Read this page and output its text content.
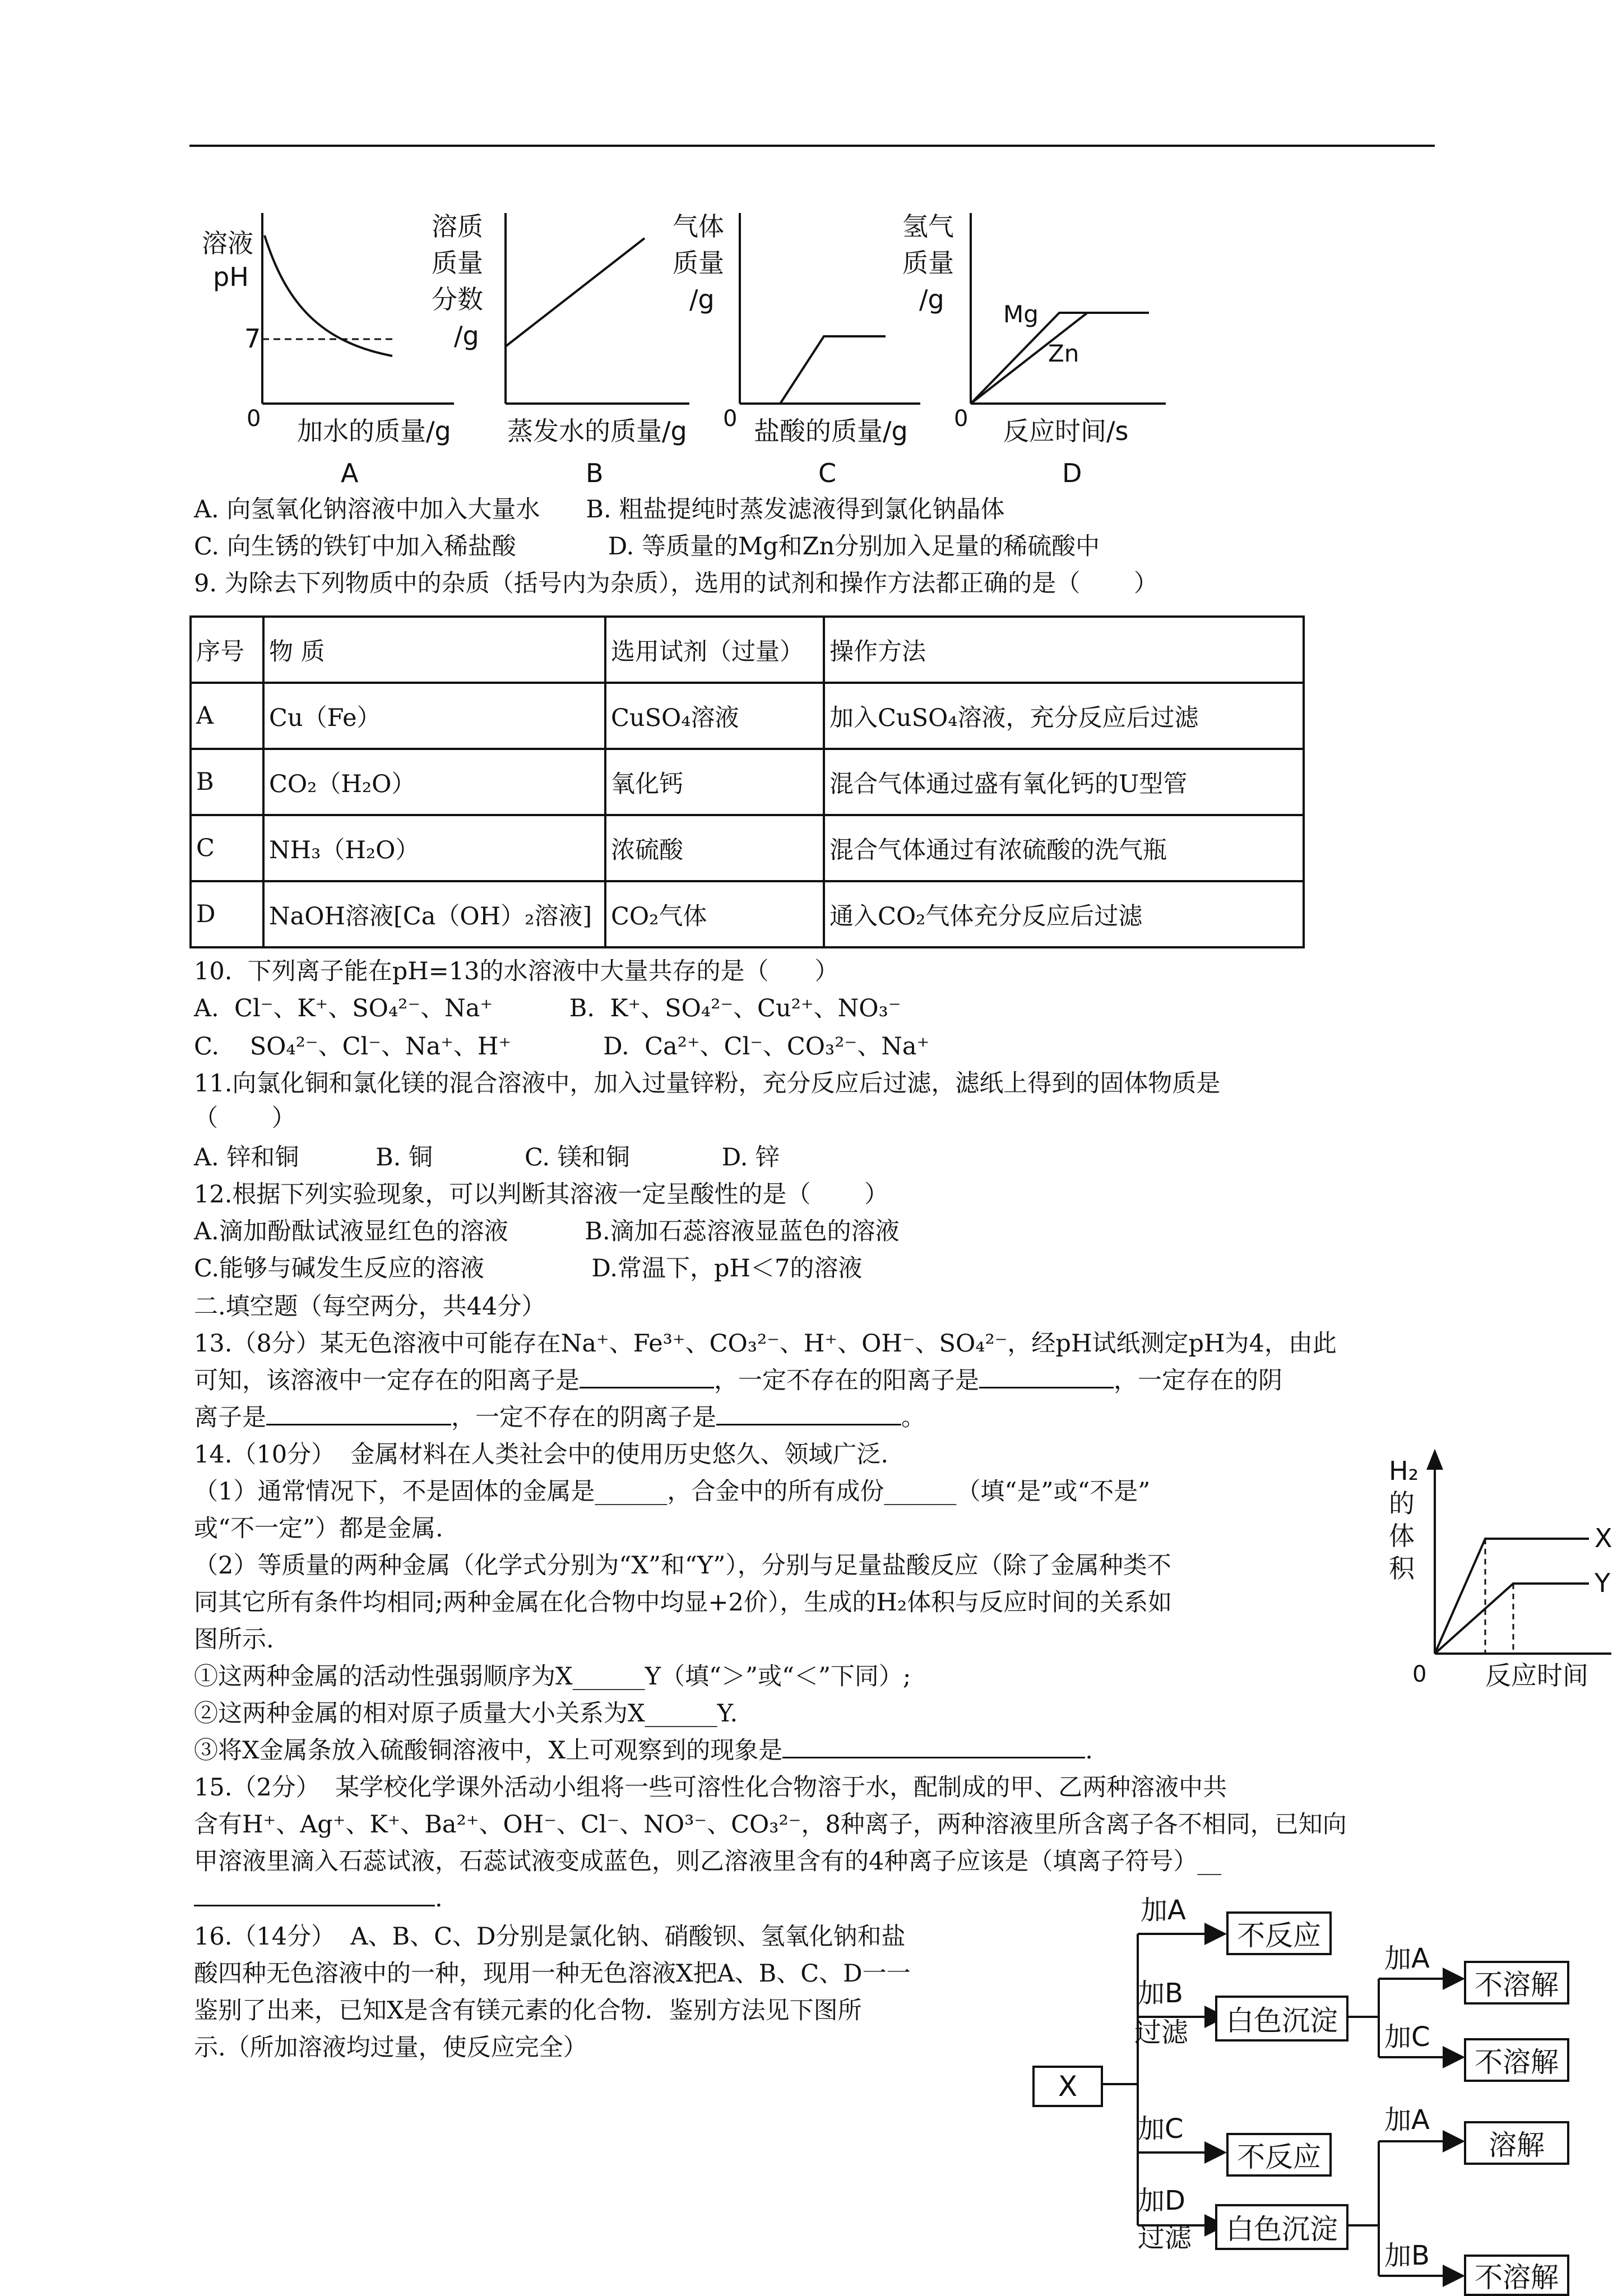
溶液
pH
7
0 加水的质量/g
A
溶质
质量
分数
/g
蒸发水的质量/g
B
气体
质量
/g
0 盐酸的质量/g
C
氢气
质量
/g
0
Mg
Zn
反应时间/s
D
A. 向氢氧化钠溶液中加入大量水      B. 粗盐提纯时蒸发滤液得到氯化钠晶体
C. 向生锈的铁钉中加入稀盐酸            D. 等质量的Mg和Zn分别加入足量的稀硫酸中
9. 为除去下列物质中的杂质（括号内为杂质），选用的试剂和操作方法都正确的是（       ）
序号	物 质	选用试剂（过量）	操作方法
A	Cu（Fe）	CuSO₄溶液	加入CuSO₄溶液，充分反应后过滤
B	CO₂（H₂O）	氧化钙	混合气体通过盛有氧化钙的U型管
C	NH₃（H₂O）	浓硫酸	混合气体通过有浓硫酸的洗气瓶
D	NaOH溶液[Ca（OH）₂溶液]	CO₂气体	通入CO₂气体充分反应后过滤
10.  下列离子能在pH=13的水溶液中大量共存的是（      ）
A.  Cl⁻、K⁺、SO₄²⁻、Na⁺          B.  K⁺、SO₄²⁻、Cu²⁺、NO₃⁻
C.    SO₄²⁻、Cl⁻、Na⁺、H⁺            D.  Ca²⁺、Cl⁻、CO₃²⁻、Na⁺
11.向氯化铜和氯化镁的混合溶液中，加入过量锌粉，充分反应后过滤，滤纸上得到的固体物质是
（       ）
A. 锌和铜          B. 铜            C. 镁和铜            D. 锌
12.根据下列实验现象，可以判断其溶液一定呈酸性的是（       ）
A.滴加酚酞试液显红色的溶液          B.滴加石蕊溶液显蓝色的溶液
C.能够与碱发生反应的溶液              D.常温下，pH＜7的溶液
二.填空题（每空两分，共44分）
13.（8分）某无色溶液中可能存在Na⁺、Fe³⁺、CO₃²⁻、H⁺、OH⁻、SO₄²⁻，经pH试纸测定pH为4，由此
可知，该溶液中一定存在的阳离子是	，一定不存在的阳离子是	，一定存在的阴
离子是	，一定不存在的阴离子是	。
14.（10分）  金属材料在人类社会中的使用历史悠久、领域广泛.
（1）通常情况下，不是固体的金属是______，合金中的所有成份______（填“是”或“不是”
或“不一定”）都是金属.
（2）等质量的两种金属（化学式分别为“X”和“Y”），分别与足量盐酸反应（除了金属种类不
同其它所有条件均相同;两种金属在化合物中均显+2价），生成的H₂体积与反应时间的关系如
图所示.
①这两种金属的活动性强弱顺序为X______Y（填“＞”或“＜”下同）;
②这两种金属的相对原子质量大小关系为X______Y.
③将X金属条放入硫酸铜溶液中，X上可观察到的现象是	.
H₂
的
体
积
X
Y
0 反应时间
15.（2分）  某学校化学课外活动小组将一些可溶性化合物溶于水，配制成的甲、乙两种溶液中共
含有H⁺、Ag⁺、K⁺、Ba²⁺、OH⁻、Cl⁻、NO³⁻、CO₃²⁻，8种离子，两种溶液里所含离子各不相同，已知向
甲溶液里滴入石蕊试液，石蕊试液变成蓝色，则乙溶液里含有的4种离子应该是（填离子符号）__
.
16.（14分）  A、B、C、D分别是氯化钠、硝酸钡、氢氧化钠和盐
酸四种无色溶液中的一种，现用一种无色溶液X把A、B、C、D一一
鉴别了出来，已知X是含有镁元素的化合物．鉴别方法见下图所
示.（所加溶液均过量，使反应完全）
X
不反应
白色沉淀
不溶解
不溶解
不反应
白色沉淀
溶解
不溶解
加A
加B
过滤
加A
加C
加C
加D
过滤
加A
加B
